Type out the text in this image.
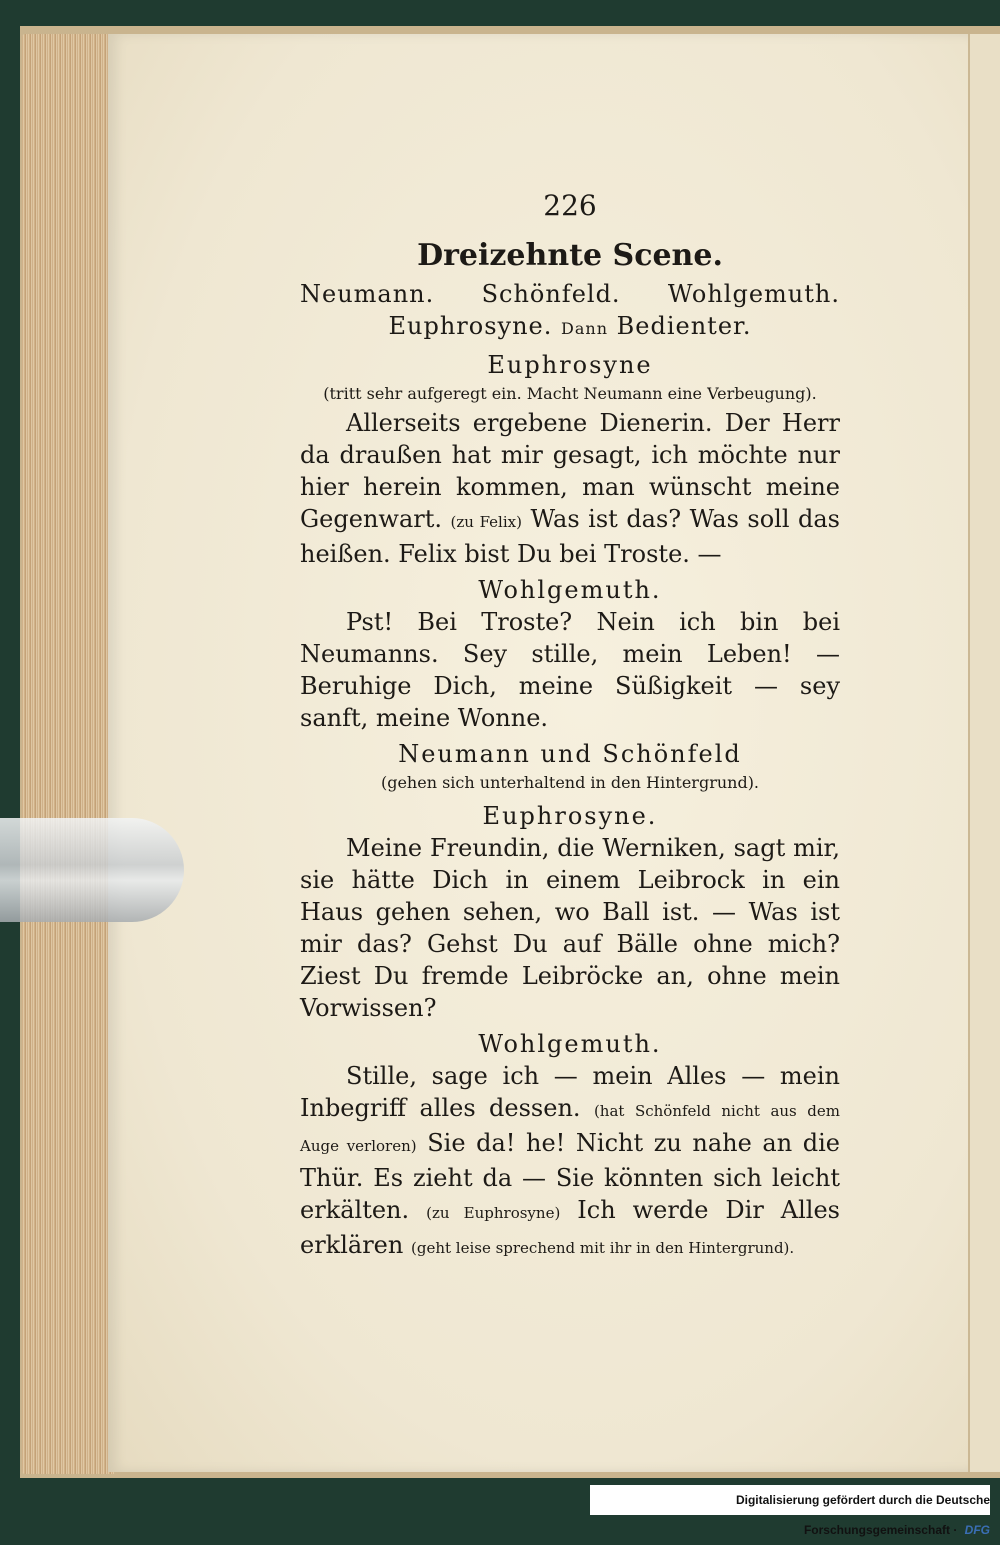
226
Dreizehnte Scene.
Neumann. Schönfeld. Wohlgemuth. Euphrosyne. Dann Bedienter.
Euphrosyne
(tritt sehr aufgeregt ein. Macht Neumann eine Verbeugung).
Allerseits ergebene Dienerin. Der Herr da draußen hat mir gesagt, ich möchte nur hier herein kommen, man wünscht meine Gegenwart. (zu Felix) Was ist das? Was soll das heißen. Felix bist Du bei Troste. —
Wohlgemuth.
Pst! Bei Troste? Nein ich bin bei Neumanns. Sey stille, mein Leben! — Beruhige Dich, meine Süßigkeit — sey sanft, meine Wonne.
Neumann und Schönfeld
(gehen sich unterhaltend in den Hintergrund).
Euphrosyne.
Meine Freundin, die Werniken, sagt mir, sie hätte Dich in einem Leibrock in ein Haus gehen sehen, wo Ball ist. — Was ist mir das? Gehst Du auf Bälle ohne mich? Ziest Du fremde Leibröcke an, ohne mein Vorwissen?
Wohlgemuth.
Stille, sage ich — mein Alles — mein Inbegriff alles dessen. (hat Schönfeld nicht aus dem Auge verloren) Sie da! he! Nicht zu nahe an die Thür. Es zieht da — Sie könnten sich leicht erkälten. (zu Euphrosyne) Ich werde Dir Alles erklären (geht leise sprechend mit ihr in den Hintergrund).
Digitalisierung gefördert durch die Deutsche Forschungsgemeinschaft · DFG
